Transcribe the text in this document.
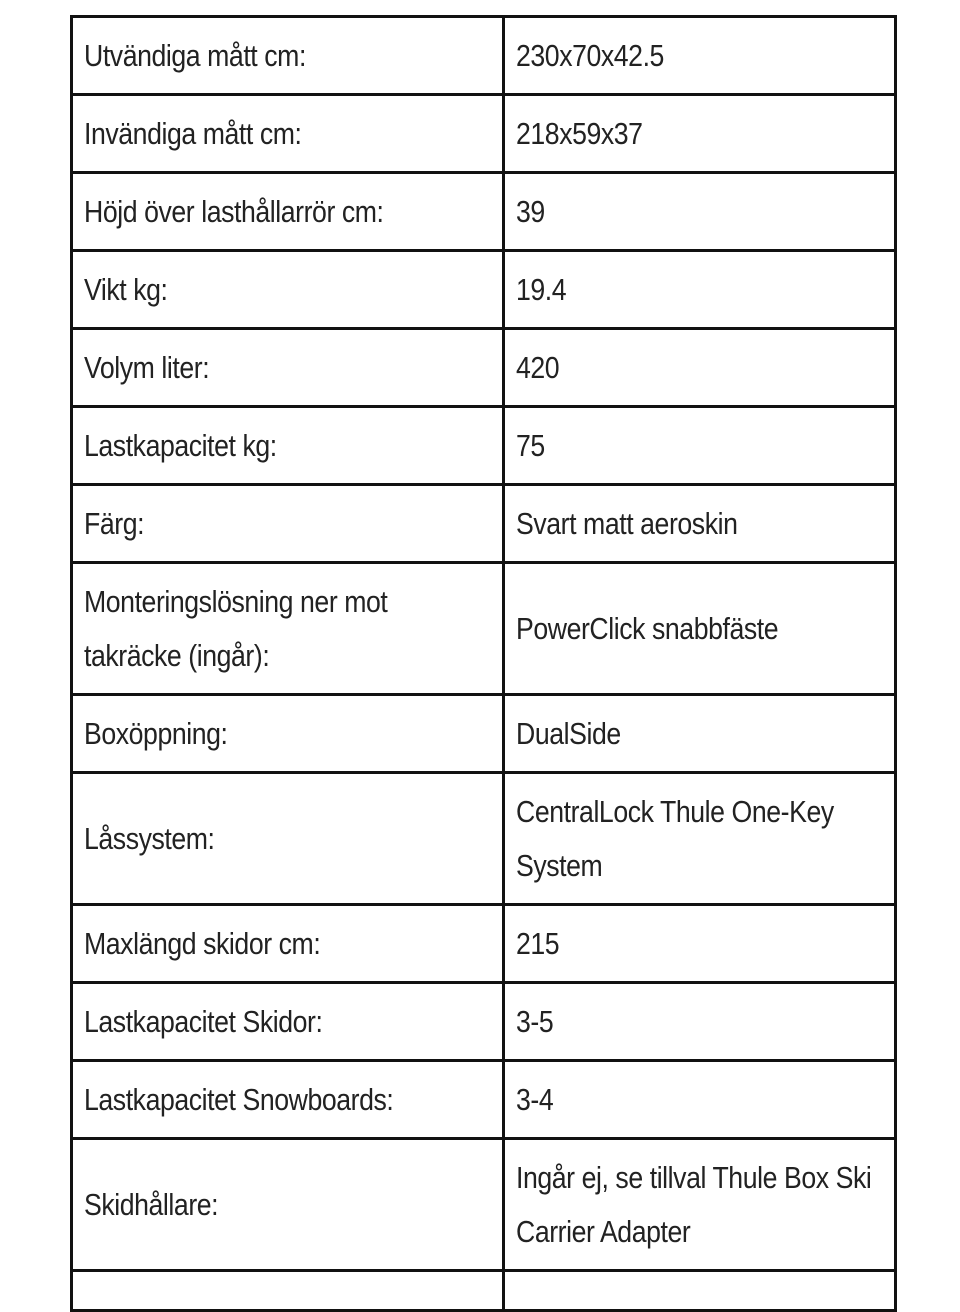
Utvändiga mått cm:	230x70x42.5
Invändiga mått cm:	218x59x37
Höjd över lasthållarrör cm:	39
Vikt kg:	19.4
Volym liter:	420
Lastkapacitet kg:	75
Färg:	Svart matt aeroskin
Monteringslösning ner mot takräcke (ingår):	PowerClick snabbfäste
Boxöppning:	DualSide
Låssystem:	CentralLock Thule One-Key System
Maxlängd skidor cm:	215
Lastkapacitet Skidor:	3-5
Lastkapacitet Snowboards:	3-4
Skidhållare:	Ingår ej, se tillval Thule Box Ski Carrier Adapter
